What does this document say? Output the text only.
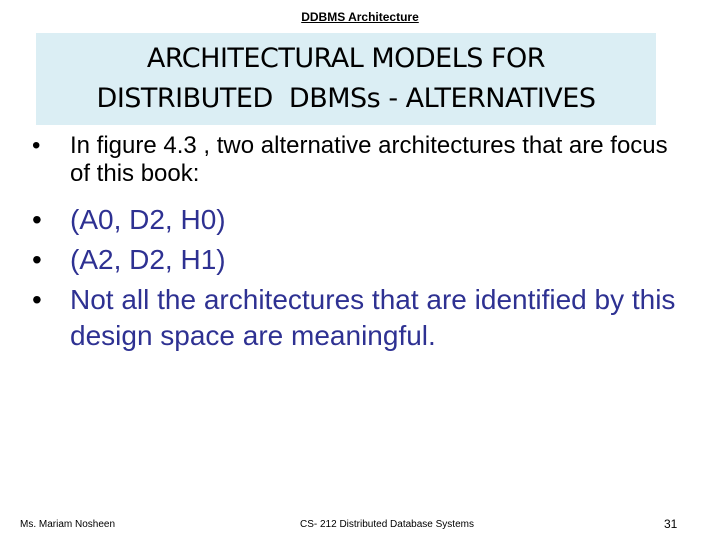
DDBMS Architecture
ARCHITECTURAL MODELS FOR
DISTRIBUTED  DBMSs - ALTERNATIVES
•	In figure 4.3 , two alternative architectures that are focus of this book:
•	(A0, D2, H0)
•	(A2, D2, H1)
•	Not all the architectures that are identified by this design space are meaningful.
Ms. Mariam Nosheen	CS- 212 Distributed Database Systems	31
